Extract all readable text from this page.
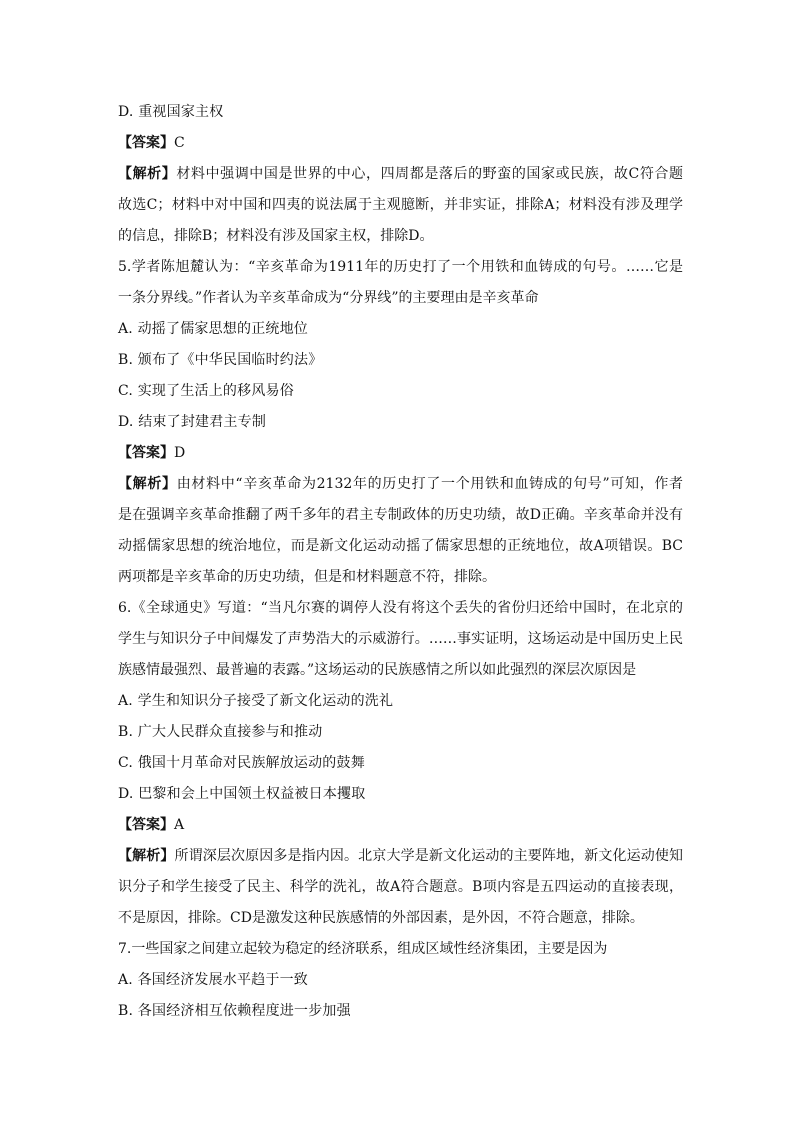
D. 重视国家主权

【答案】C

【解析】材料中强调中国是世界的中心，四周都是落后的野蛮的国家或民族，故C符合题

故选C；材料中对中国和四夷的说法属于主观臆断，并非实证，排除A；材料没有涉及理学

的信息，排除B；材料没有涉及国家主权，排除D。

5.学者陈旭麓认为：“辛亥革命为1911年的历史打了一个用铁和血铸成的句号。……它是

一条分界线。”作者认为辛亥革命成为“分界线”的主要理由是辛亥革命

A. 动摇了儒家思想的正统地位

B. 颁布了《中华民国临时约法》

C. 实现了生活上的移风易俗

D. 结束了封建君主专制

【答案】D

【解析】由材料中“辛亥革命为2132年的历史打了一个用铁和血铸成的句号”可知，作者

是在强调辛亥革命推翻了两千多年的君主专制政体的历史功绩，故D正确。辛亥革命并没有

动摇儒家思想的统治地位，而是新文化运动动摇了儒家思想的正统地位，故A项错误。BC

两项都是辛亥革命的历史功绩，但是和材料题意不符，排除。

6.《全球通史》写道：“当凡尔赛的调停人没有将这个丢失的省份归还给中国时，在北京的

学生与知识分子中间爆发了声势浩大的示威游行。……事实证明，这场运动是中国历史上民

族感情最强烈、最普遍的表露。”这场运动的民族感情之所以如此强烈的深层次原因是

A. 学生和知识分子接受了新文化运动的洗礼

B. 广大人民群众直接参与和推动

C. 俄国十月革命对民族解放运动的鼓舞

D. 巴黎和会上中国领土权益被日本攫取

【答案】A

【解析】所谓深层次原因多是指内因。北京大学是新文化运动的主要阵地，新文化运动使知

识分子和学生接受了民主、科学的洗礼，故A符合题意。B项内容是五四运动的直接表现，

不是原因，排除。CD是激发这种民族感情的外部因素，是外因，不符合题意，排除。

7.一些国家之间建立起较为稳定的经济联系，组成区域性经济集团，主要是因为

A. 各国经济发展水平趋于一致

B. 各国经济相互依赖程度进一步加强
